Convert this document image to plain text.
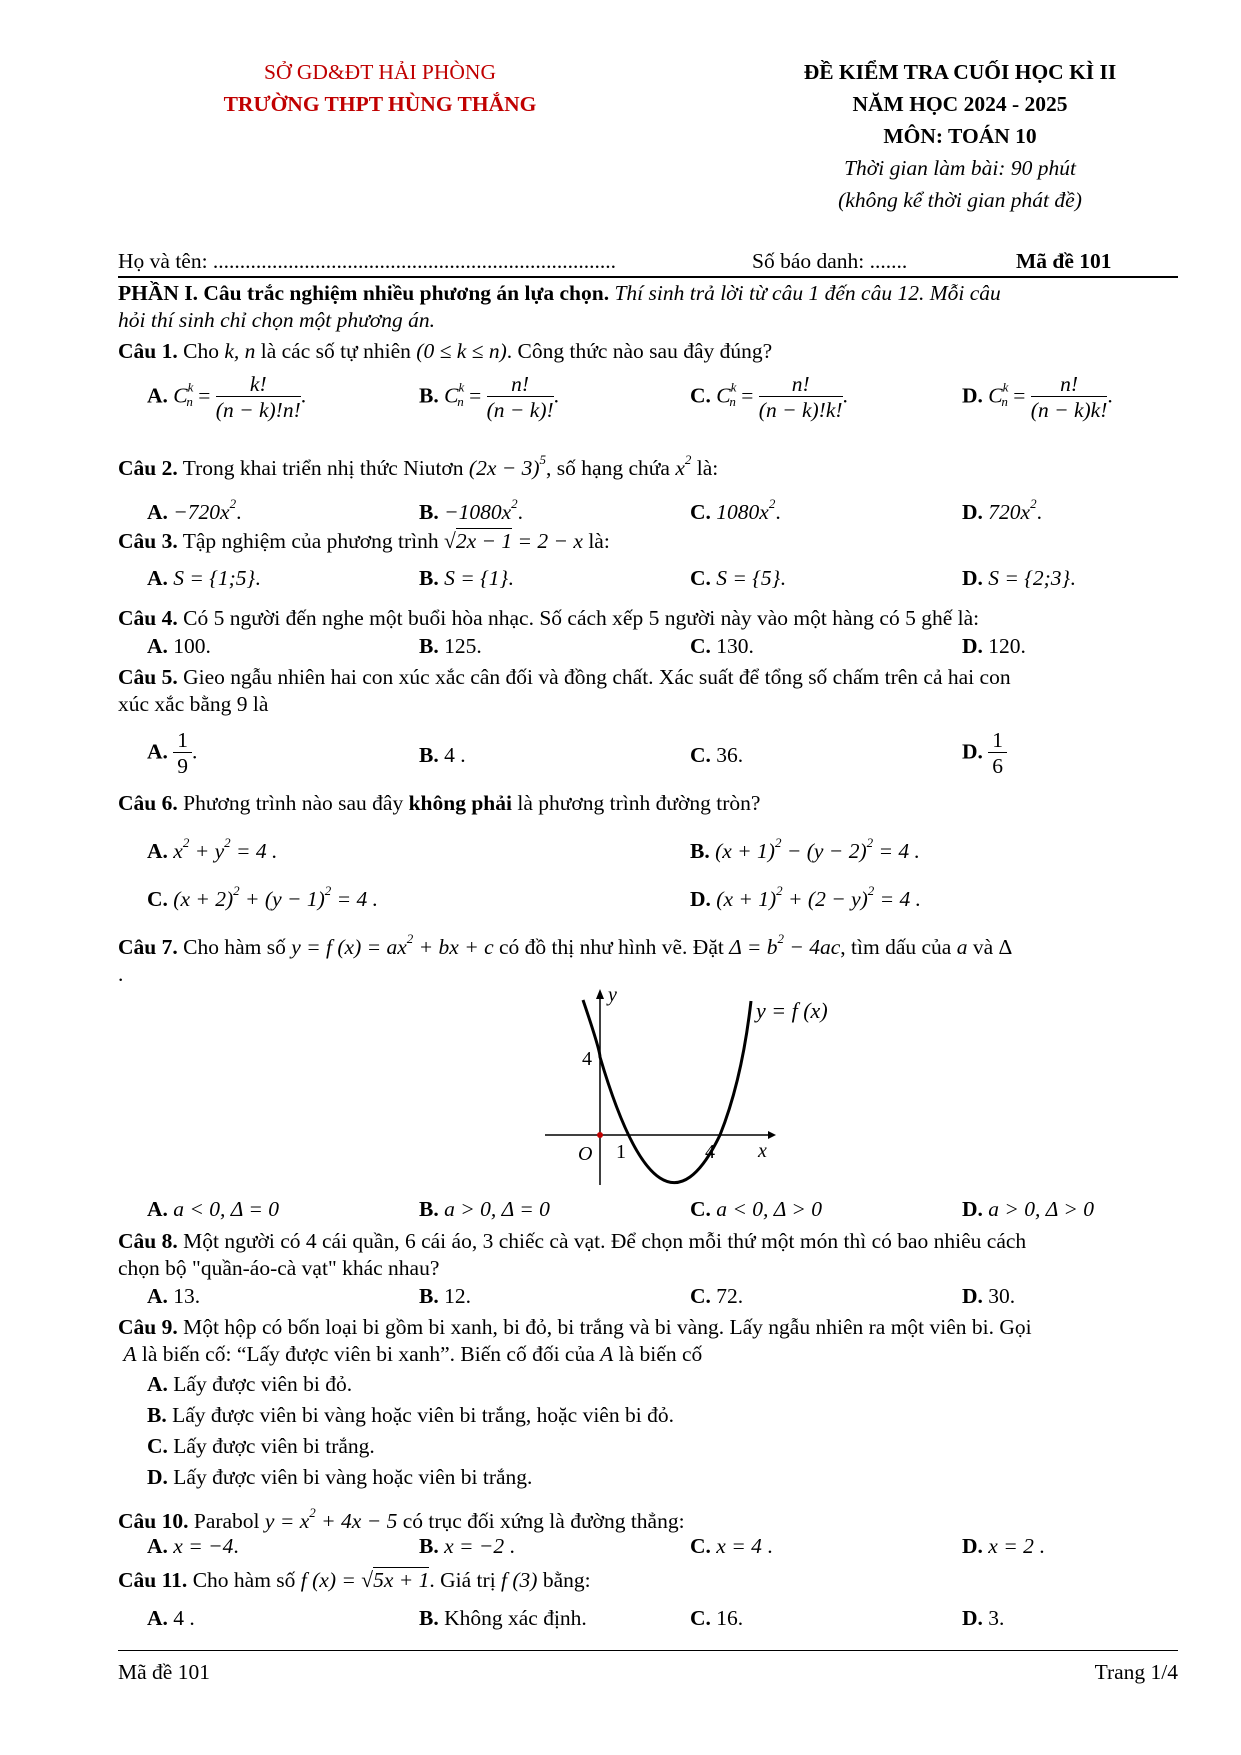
SỞ GD&ĐT HẢI PHÒNG
TRƯỜNG THPT HÙNG THẮNG
ĐỀ KIỂM TRA CUỐI HỌC KÌ II
NĂM HỌC 2024 - 2025
MÔN: TOÁN 10
Thời gian làm bài: 90 phút
(không kể thời gian phát đề)
Họ và tên: ...........................................................................	Số báo danh: .......	Mã đề 101
PHẦN I. Câu trắc nghiệm nhiều phương án lựa chọn. Thí sinh trả lời từ câu 1 đến câu 12. Mỗi câu
hỏi thí sinh chỉ chọn một phương án.
Câu 1. Cho k, n là các số tự nhiên (0 ≤ k ≤ n). Công thức nào sau đây đúng?
A. $C^k_n = \frac{k!}{(n - k)!n!}$ .	B. $C^k_n = \frac{n!}{(n - k)!}$ .	C. $C^k_n = \frac{n!}{(n - k)!k!}$ .	D. $C^k_n = \frac{n!}{(n - k)k!}$ .
Câu 2. Trong khai triển nhị thức Niutơn $(2x - 3)^5$, số hạng chứa $x^2$ là:
A. $-720x^2$.	B. $-1080x^2$.	C. $1080x^2$.	D. $720x^2$.
Câu 3. Tập nghiệm của phương trình √2x − 1 = 2 − x là:
A. S = {1;5}.	B. S = {1}.	C. S = {5}.	D. S = {2;3}.
Câu 4. Có 5 người đến nghe một buổi hòa nhạc. Số cách xếp 5 người này vào một hàng có 5 ghế là:
A. 100.	B. 125.	C. 130.	D. 120.
Câu 5. Gieo ngẫu nhiên hai con xúc xắc cân đối và đồng chất. Xác suất để tổng số chấm trên cả hai con
xúc xắc bằng 9 là
A. $\frac{1}{9}$ .	B. 4 .	C. 36.	D. $\frac{1}{6}$
Câu 6. Phương trình nào sau đây không phải là phương trình đường tròn?
A. $x^2 + y^2 = 4$ .	B. $(x + 1)^2 - (y - 2)^2 = 4$ .
C. $(x + 2)^2 + (y - 1)^2 = 4$ .	D. $(x + 1)^2 + (2 - y)^2 = 4$ .
Câu 7. Cho hàm số y = f $(x) = ax^2$ + bx + c có đồ thị như hình vẽ. Đặt $\Delta = b^2 - 4ac$, tìm dấu của a và Δ
.
y
4
O 1	4 x
y = f (x)
A. a < 0, Δ = 0	B. a > 0, Δ = 0	C. a < 0, Δ > 0	D. a > 0, Δ > 0
Câu 8. Một người có 4 cái quần, 6 cái áo, 3 chiếc cà vạt. Để chọn mỗi thứ một món thì có bao nhiêu cách
chọn bộ "quần-áo-cà vạt" khác nhau?
A. 13.	B. 12.	C. 72.	D. 30.
Câu 9. Một hộp có bốn loại bi gồm bi xanh, bi đỏ, bi trắng và bi vàng. Lấy ngẫu nhiên ra một viên bi. Gọi
A là biến cố: “Lấy được viên bi xanh”. Biến cố đối của A là biến cố
A. Lấy được viên bi đỏ.
B. Lấy được viên bi vàng hoặc viên bi trắng, hoặc viên bi đỏ.
C. Lấy được viên bi trắng.
D. Lấy được viên bi vàng hoặc viên bi trắng.
Câu 10. Parabol $y = x^2 + 4x - 5$ có trục đối xứng là đường thẳng:
A. x = −4.	B. x = −2 .	C. x = 4 .	D. x = 2 .
Câu 11. Cho hàm số f (x) = √5x + 1. Giá trị f (3) bằng:
A. 4 .	B. Không xác định.	C. 16.	D. 3.
Mã đề 101	Trang 1/4
